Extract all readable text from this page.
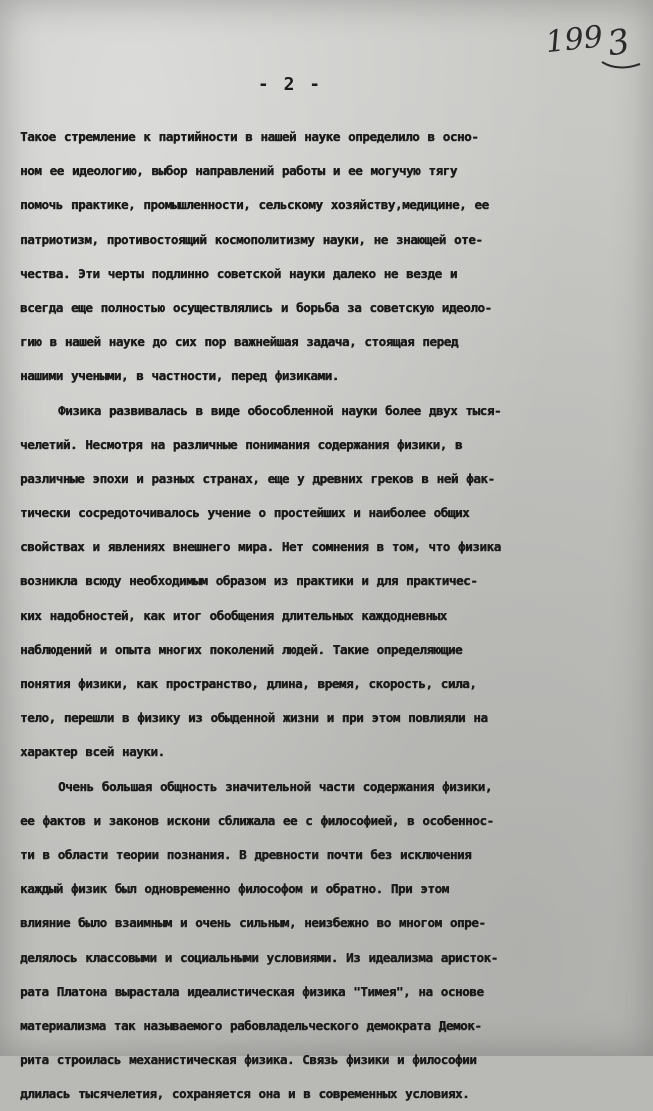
199 3
- 2 -
Такое стремление к партийности в нашей науке определило в осно-
ном ее идеологию, выбор направлений работы и ее могучую тягу
помочь практике, промышленности, сельскому хозяйству,медицине, ее
патриотизм, противостоящий космополитизму науки, не знающей оте-
чества. Эти черты подлинно советской науки далеко не везде и
всегда еще полностью осуществлялись и борьба за советскую идеоло-
гию в нашей науке до сих пор важнейшая задача, стоящая перед
нашими учеными, в частности, перед физиками.
Физика развивалась в виде обособленной науки более двух тыся-
челетий. Несмотря на различные понимания содержания физики, в
различные эпохи и разных странах, еще у древних греков в ней фак-
тически сосредоточивалось учение о простейших и наиболее общих
свойствах и явлениях внешнего мира. Нет сомнения в том, что физика
возникла всюду необходимым образом из практики и для практичес-
ких надобностей, как итог обобщения длительных каждодневных
наблюдений и опыта многих поколений людей. Такие определяющие
понятия физики, как пространство, длина, время, скорость, сила,
тело, перешли в физику из обыденной жизни и при этом повлияли на
характер всей науки.
Очень большая общность значительной части содержания физики,
ее фактов и законов искони сближала ее с философией, в особеннос-
ти в области теории познания. В древности почти без исключения
каждый физик был одновременно философом и обратно. При этом
влияние было взаимным и очень сильным, неизбежно во многом опре-
делялось классовыми и социальными условиями. Из идеализма аристок-
рата Платона вырастала идеалистическая физика "Тимея", на основе
материализма так называемого рабовладельческого демократа Демок-
рита строилась механистическая физика. Связь физики и философии
длилась тысячелетия, сохраняется она и в современных условиях.
